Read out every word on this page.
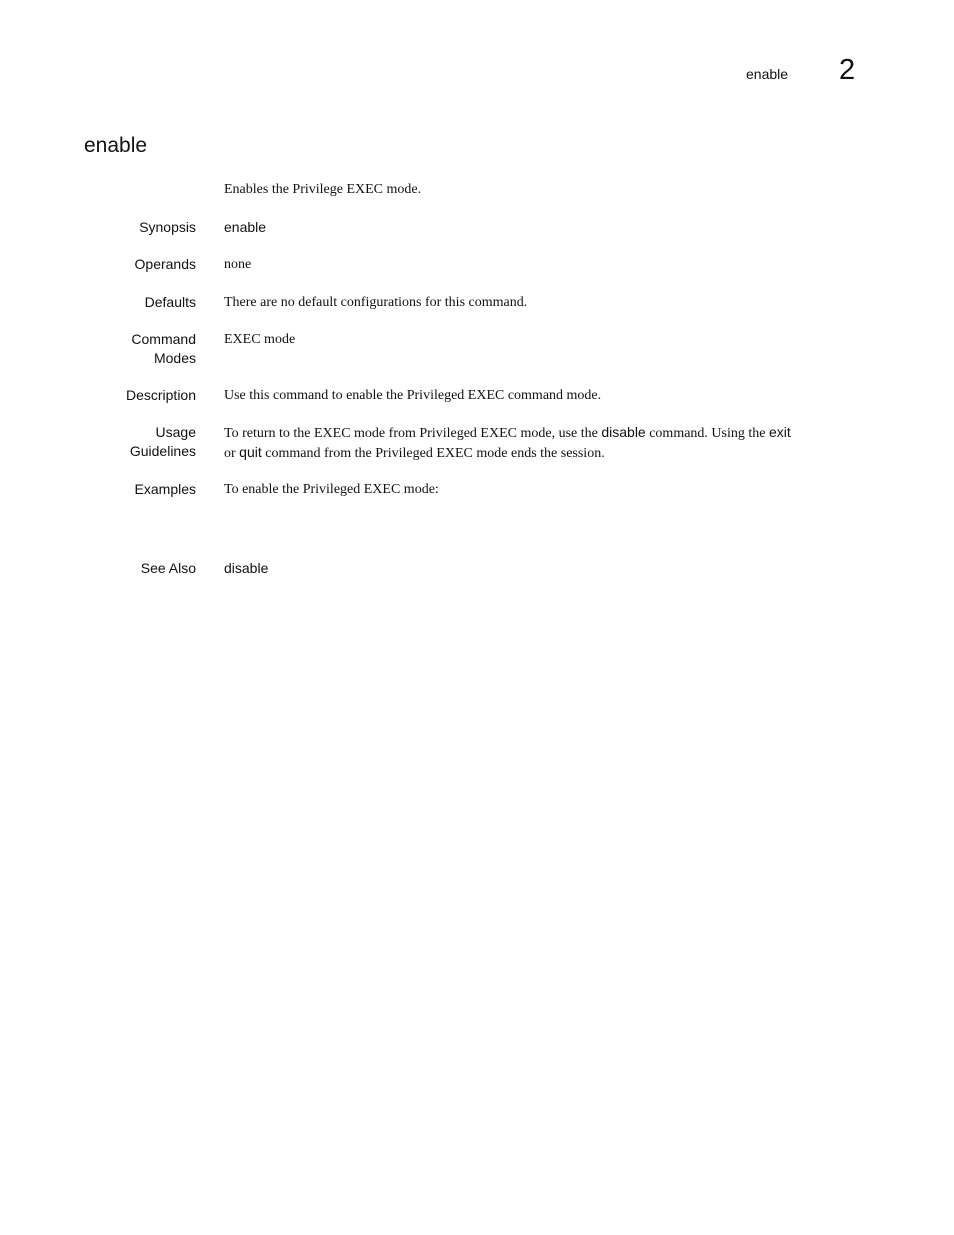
enable 2
enable
Enables the Privilege EXEC mode.
Synopsis enable
Operands none
Defaults There are no default configurations for this command.
Command
Modes
EXEC mode
Description Use this command to enable the Privileged EXEC command mode.
Usage
Guidelines
To return to the EXEC mode from Privileged EXEC mode, use the disable command. Using the exit
or quit command from the Privileged EXEC mode ends the session.
Examples To enable the Privileged EXEC mode:
See Also disable
